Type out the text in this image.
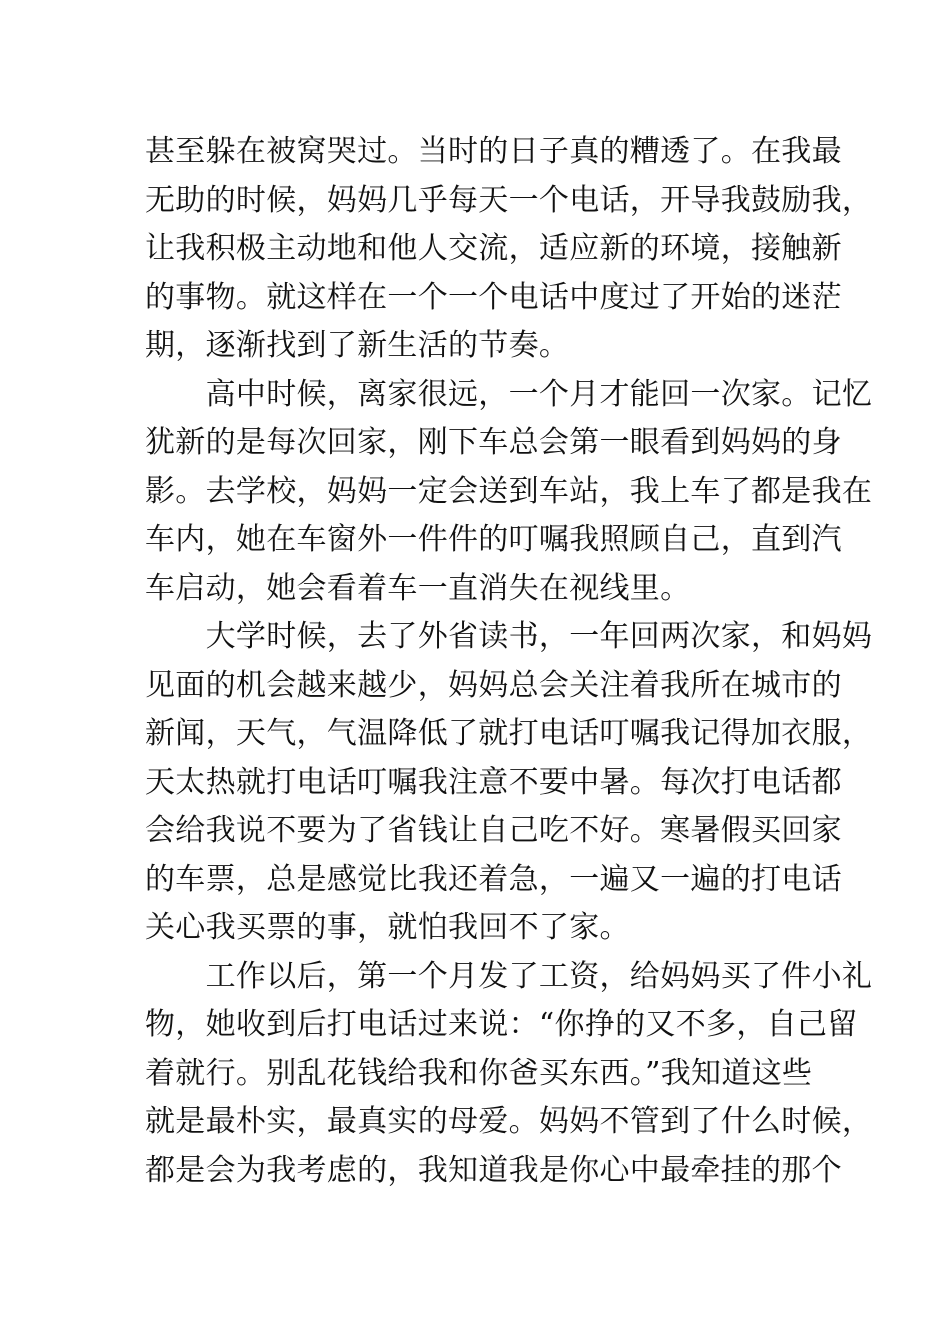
甚至躲在被窝哭过。当时的日子真的糟透了。在我最
无助的时候，妈妈几乎每天一个电话，开导我鼓励我，
让我积极主动地和他人交流，适应新的环境，接触新
的事物。就这样在一个一个电话中度过了开始的迷茫
期，逐渐找到了新生活的节奏。
　　高中时候，离家很远，一个月才能回一次家。记忆
犹新的是每次回家，刚下车总会第一眼看到妈妈的身
影。去学校，妈妈一定会送到车站，我上车了都是我在
车内，她在车窗外一件件的叮嘱我照顾自己，直到汽
车启动，她会看着车一直消失在视线里。
　　大学时候，去了外省读书，一年回两次家，和妈妈
见面的机会越来越少，妈妈总会关注着我所在城市的
新闻，天气，气温降低了就打电话叮嘱我记得加衣服，
天太热就打电话叮嘱我注意不要中暑。每次打电话都
会给我说不要为了省钱让自己吃不好。寒暑假买回家
的车票，总是感觉比我还着急，一遍又一遍的打电话
关心我买票的事，就怕我回不了家。
　　工作以后，第一个月发了工资，给妈妈买了件小礼
物，她收到后打电话过来说：“你挣的又不多，自己留
着就行。别乱花钱给我和你爸买东西。”我知道这些
就是最朴实，最真实的母爱。妈妈不管到了什么时候，
都是会为我考虑的，我知道我是你心中最牵挂的那个
